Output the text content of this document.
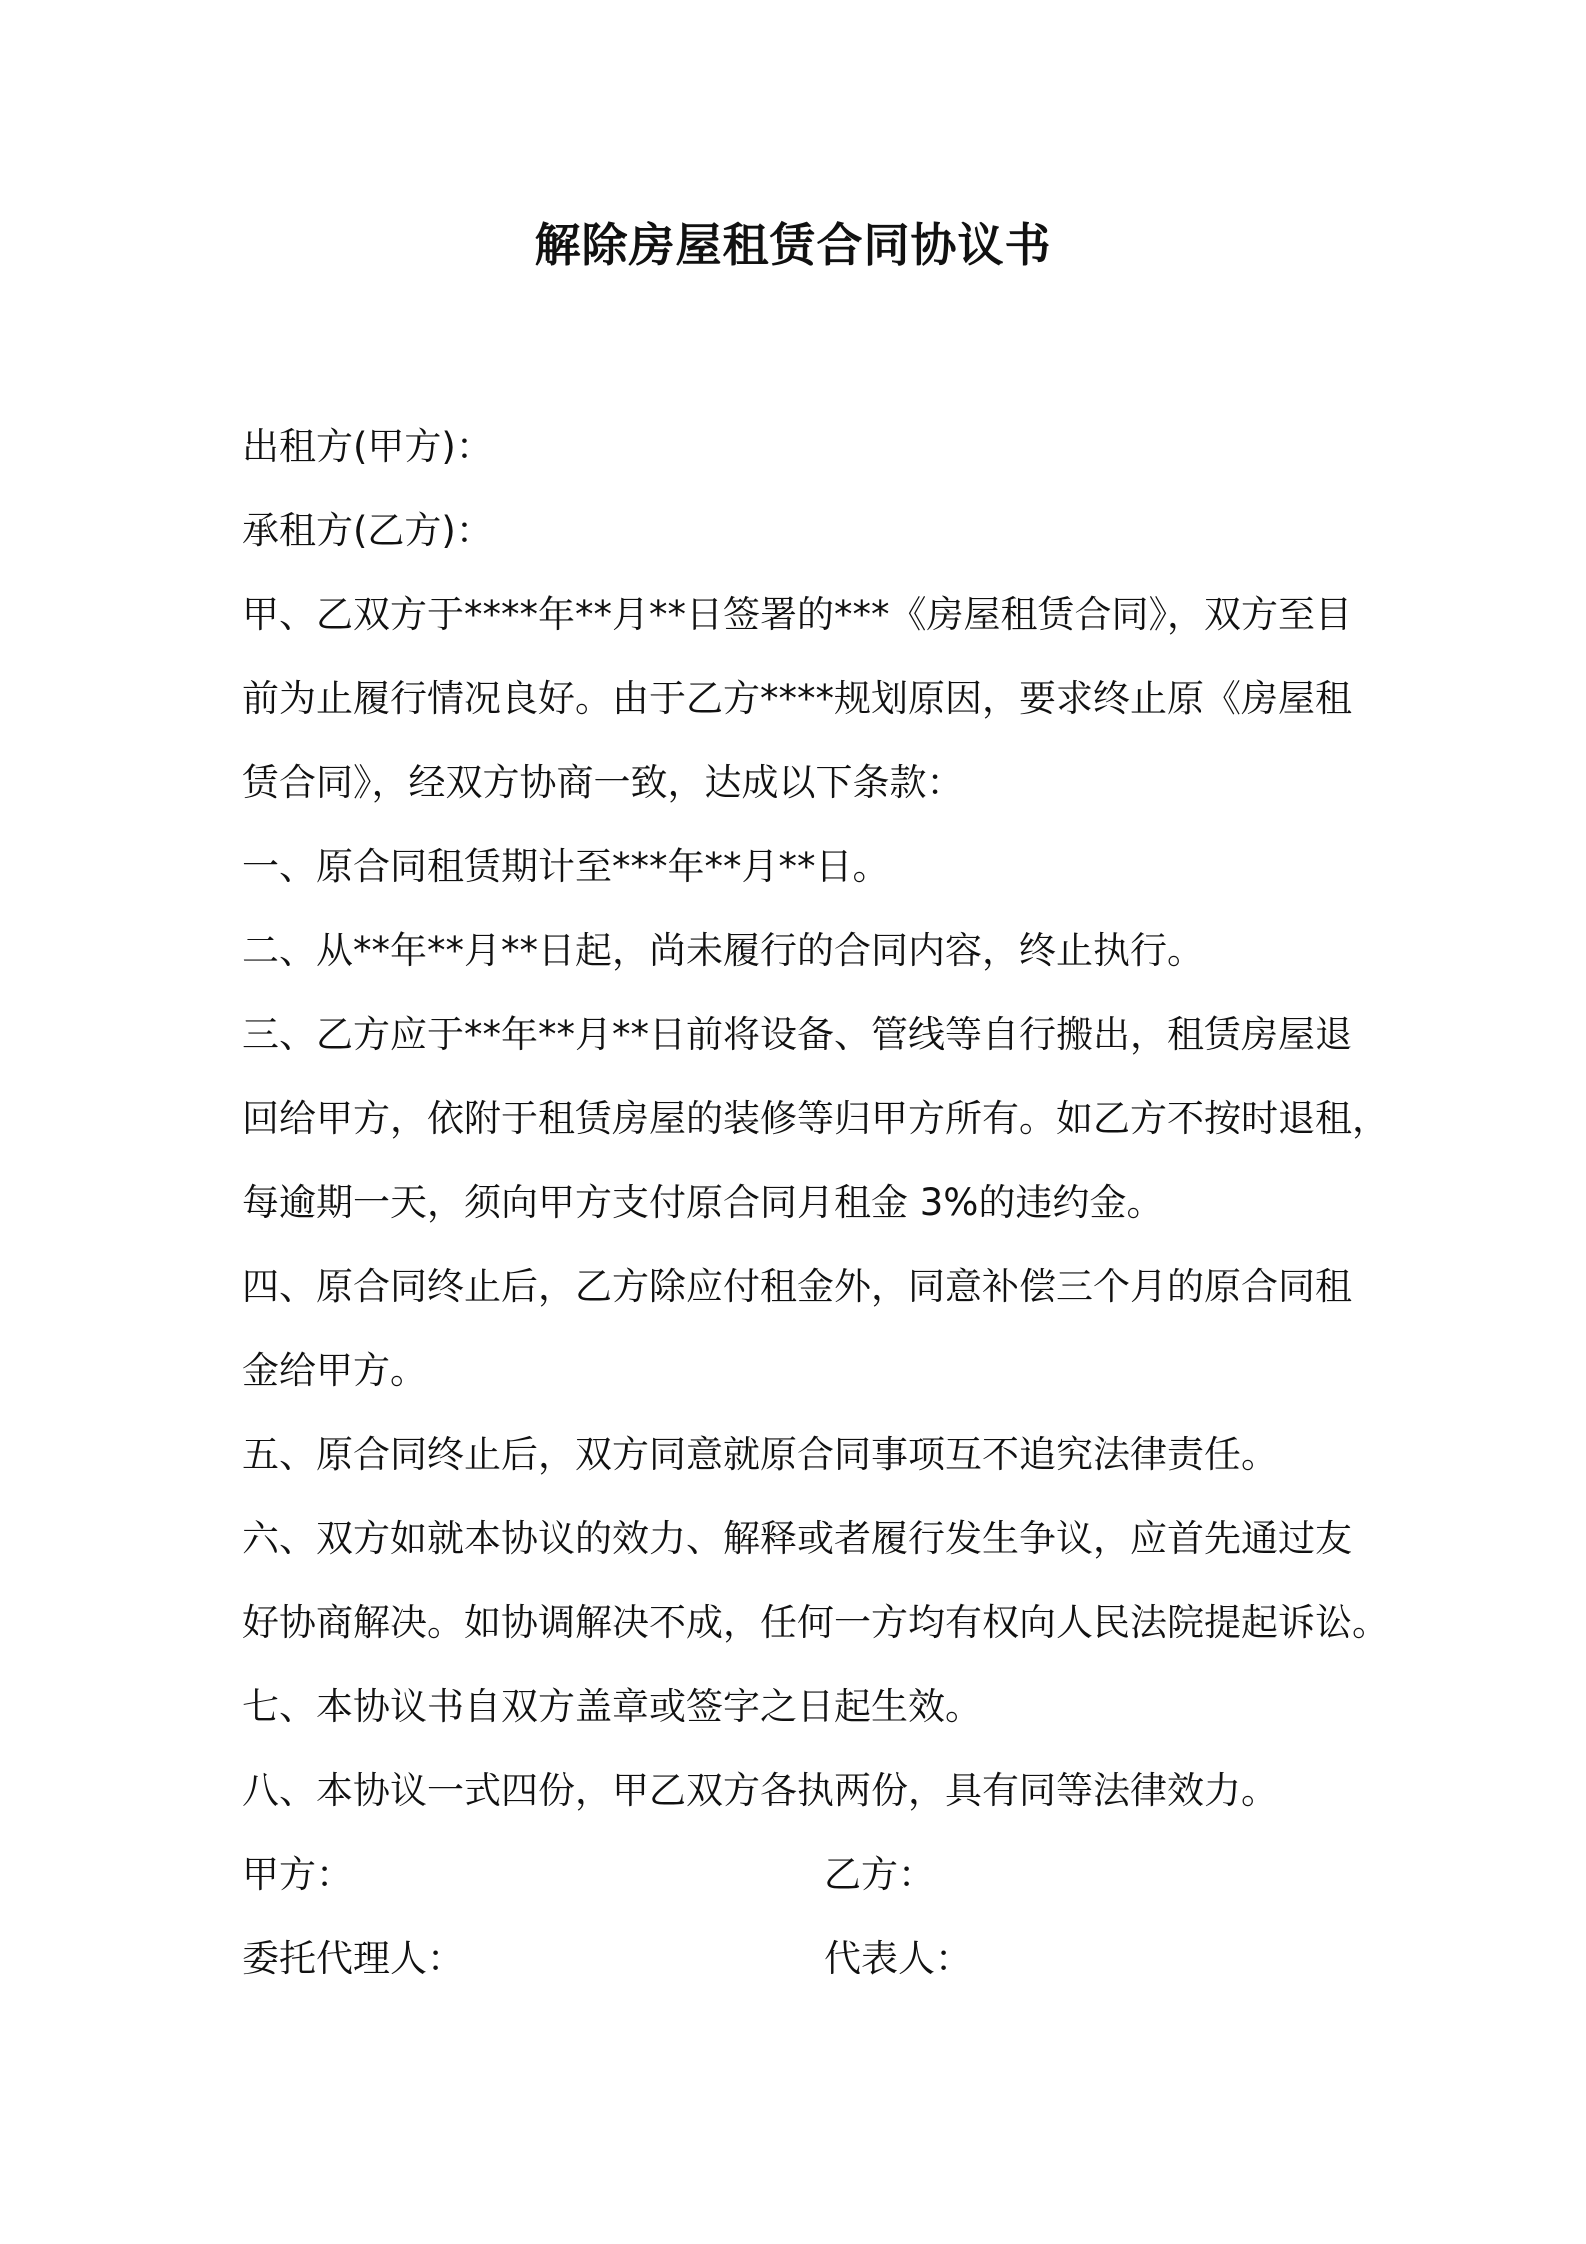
解除房屋租赁合同协议书
出租方(甲方)：
承租方(乙方)：
甲、乙双方于****年**月**日签署的***《房屋租赁合同》，双方至目
前为止履行情况良好。由于乙方****规划原因，要求终止原《房屋租
赁合同》，经双方协商一致，达成以下条款：
一、原合同租赁期计至***年**月**日。
二、从**年**月**日起，尚未履行的合同内容，终止执行。
三、乙方应于**年**月**日前将设备、管线等自行搬出，租赁房屋退
回给甲方，依附于租赁房屋的装修等归甲方所有。如乙方不按时退租，
每逾期一天，须向甲方支付原合同月租金 3%的违约金。
四、原合同终止后，乙方除应付租金外，同意补偿三个月的原合同租
金给甲方。
五、原合同终止后，双方同意就原合同事项互不追究法律责任。
六、双方如就本协议的效力、解释或者履行发生争议，应首先通过友
好协商解决。如协调解决不成，任何一方均有权向人民法院提起诉讼。
七、本协议书自双方盖章或签字之日起生效。
八、本协议一式四份，甲乙双方各执两份，具有同等法律效力。
甲方：	乙方：
委托代理人：	代表人：
